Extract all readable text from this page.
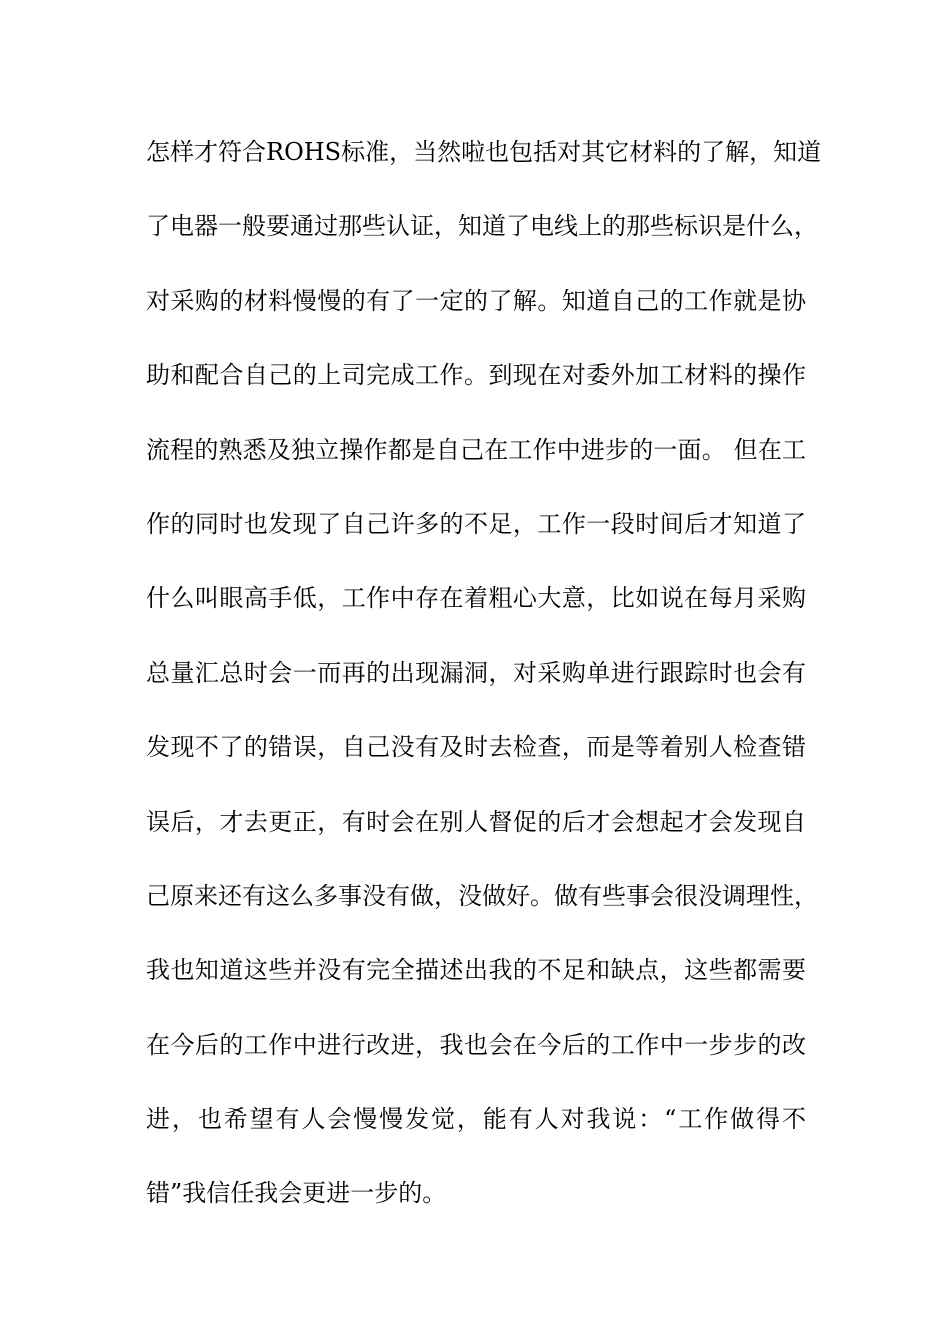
怎样才符合ROHS标准，当然啦也包括对其它材料的了解，知道
了电器一般要通过那些认证，知道了电线上的那些标识是什么，
对采购的材料慢慢的有了一定的了解。知道自己的工作就是协
助和配合自己的上司完成工作。到现在对委外加工材料的操作
流程的熟悉及独立操作都是自己在工作中进步的一面。 但在工
作的同时也发现了自己许多的不足，工作一段时间后才知道了
什么叫眼高手低，工作中存在着粗心大意，比如说在每月采购
总量汇总时会一而再的出现漏洞，对采购单进行跟踪时也会有
发现不了的错误，自己没有及时去检查，而是等着别人检查错
误后，才去更正，有时会在别人督促的后才会想起才会发现自
己原来还有这么多事没有做，没做好。做有些事会很没调理性，
我也知道这些并没有完全描述出我的不足和缺点，这些都需要
在今后的工作中进行改进，我也会在今后的工作中一步步的改
进，也希望有人会慢慢发觉，能有人对我说：“工作做得不
错”我信任我会更进一步的。
